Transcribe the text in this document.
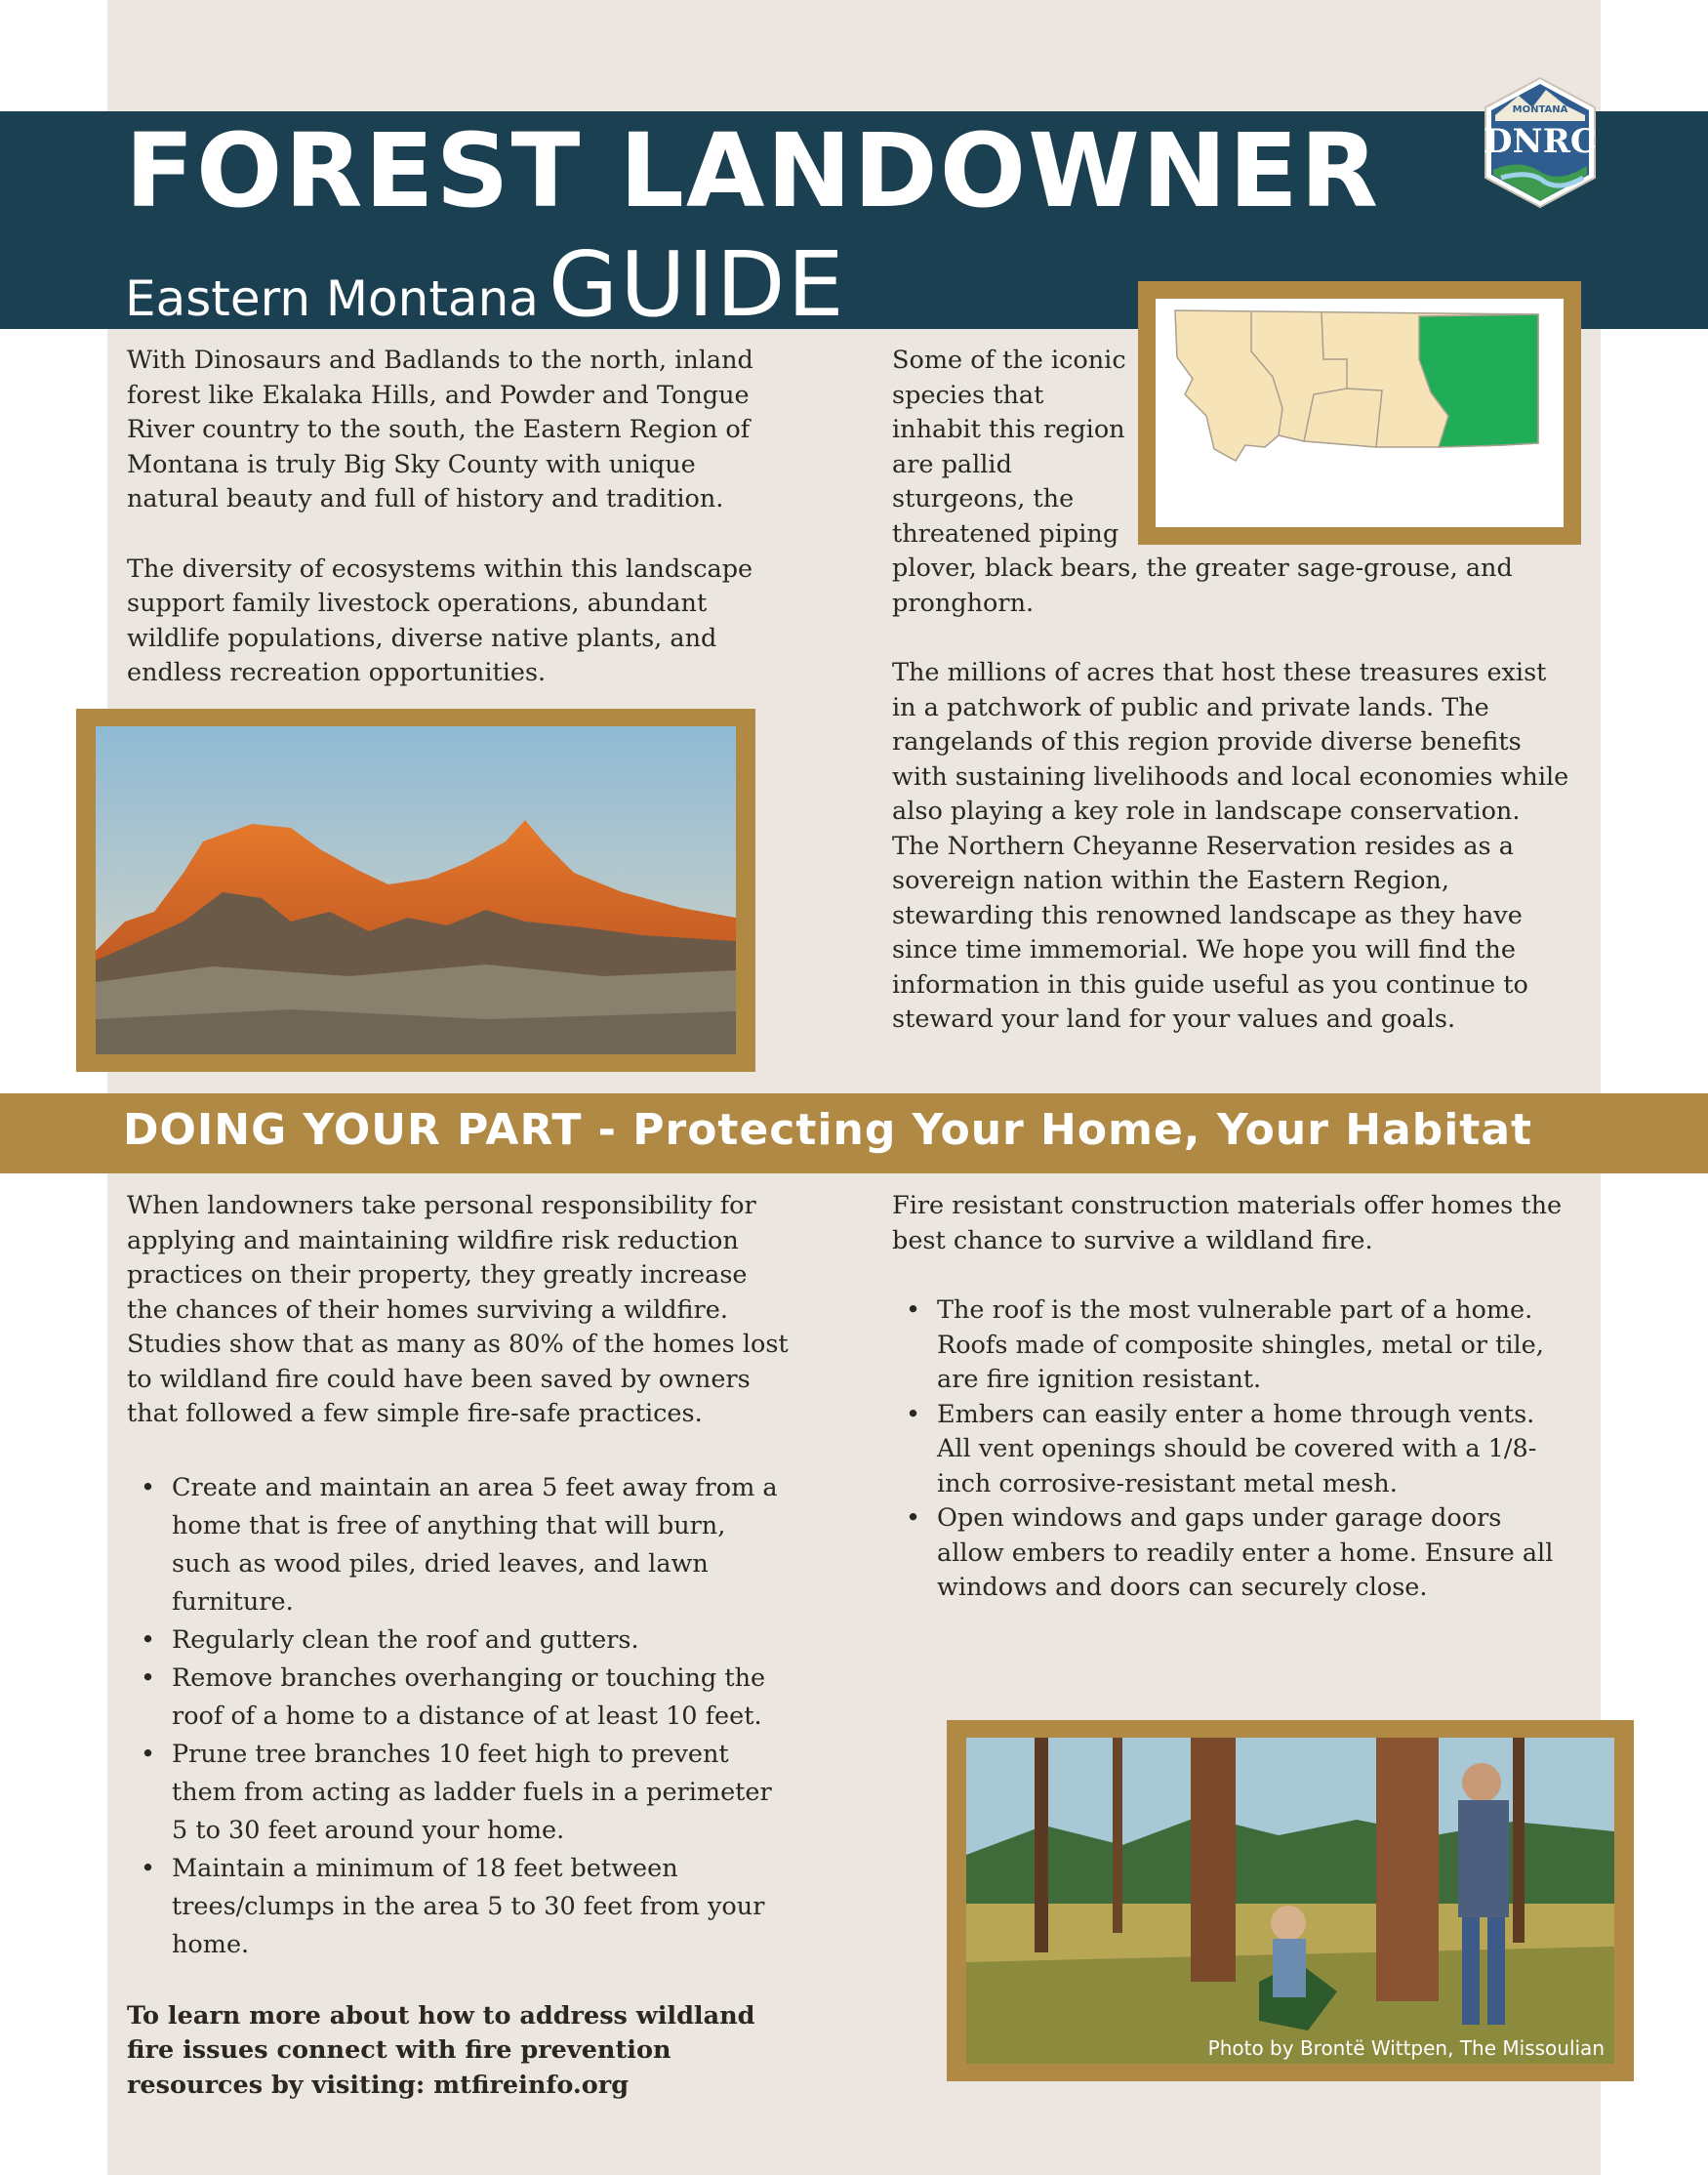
FOREST LANDOWNER
Eastern Montana GUIDE
MONTANA
DNRC

With Dinosaurs and Badlands to the north, inland forest like Ekalaka Hills, and Powder and Tongue River country to the south, the Eastern Region of Montana is truly Big Sky County with unique natural beauty and full of history and tradition.

The diversity of ecosystems within this landscape support family livestock operations, abundant wildlife populations, diverse native plants, and endless recreation opportunities.

Some of the iconic species that inhabit this region are pallid sturgeons, the threatened piping

plover, black bears, the greater sage-grouse, and pronghorn.

The millions of acres that host these treasures exist in a patchwork of public and private lands. The rangelands of this region provide diverse benefits with sustaining livelihoods and local economies while also playing a key role in landscape conservation. The Northern Cheyanne Reservation resides as a sovereign nation within the Eastern Region, stewarding this renowned landscape as they have since time immemorial. We hope you will find the information in this guide useful as you continue to steward your land for your values and goals.

DOING YOUR PART - Protecting Your Home, Your Habitat

When landowners take personal responsibility for applying and maintaining wildfire risk reduction practices on their property, they greatly increase the chances of their homes surviving a wildfire. Studies show that as many as 80% of the homes lost to wildland fire could have been saved by owners that followed a few simple fire-safe practices.

• Create and maintain an area 5 feet away from a home that is free of anything that will burn, such as wood piles, dried leaves, and lawn furniture.
• Regularly clean the roof and gutters.
• Remove branches overhanging or touching the roof of a home to a distance of at least 10 feet.
• Prune tree branches 10 feet high to prevent them from acting as ladder fuels in a perimeter 5 to 30 feet around your home.
• Maintain a minimum of 18 feet between trees/clumps in the area 5 to 30 feet from your home.

To learn more about how to address wildland fire issues connect with fire prevention resources by visiting: mtfireinfo.org

Fire resistant construction materials offer homes the best chance to survive a wildland fire.

• The roof is the most vulnerable part of a home. Roofs made of composite shingles, metal or tile, are fire ignition resistant.
• Embers can easily enter a home through vents. All vent openings should be covered with a 1/8-inch corrosive-resistant metal mesh.
• Open windows and gaps under garage doors allow embers to readily enter a home. Ensure all windows and doors can securely close.
Photo by Brontë Wittpen, The Missoulian
